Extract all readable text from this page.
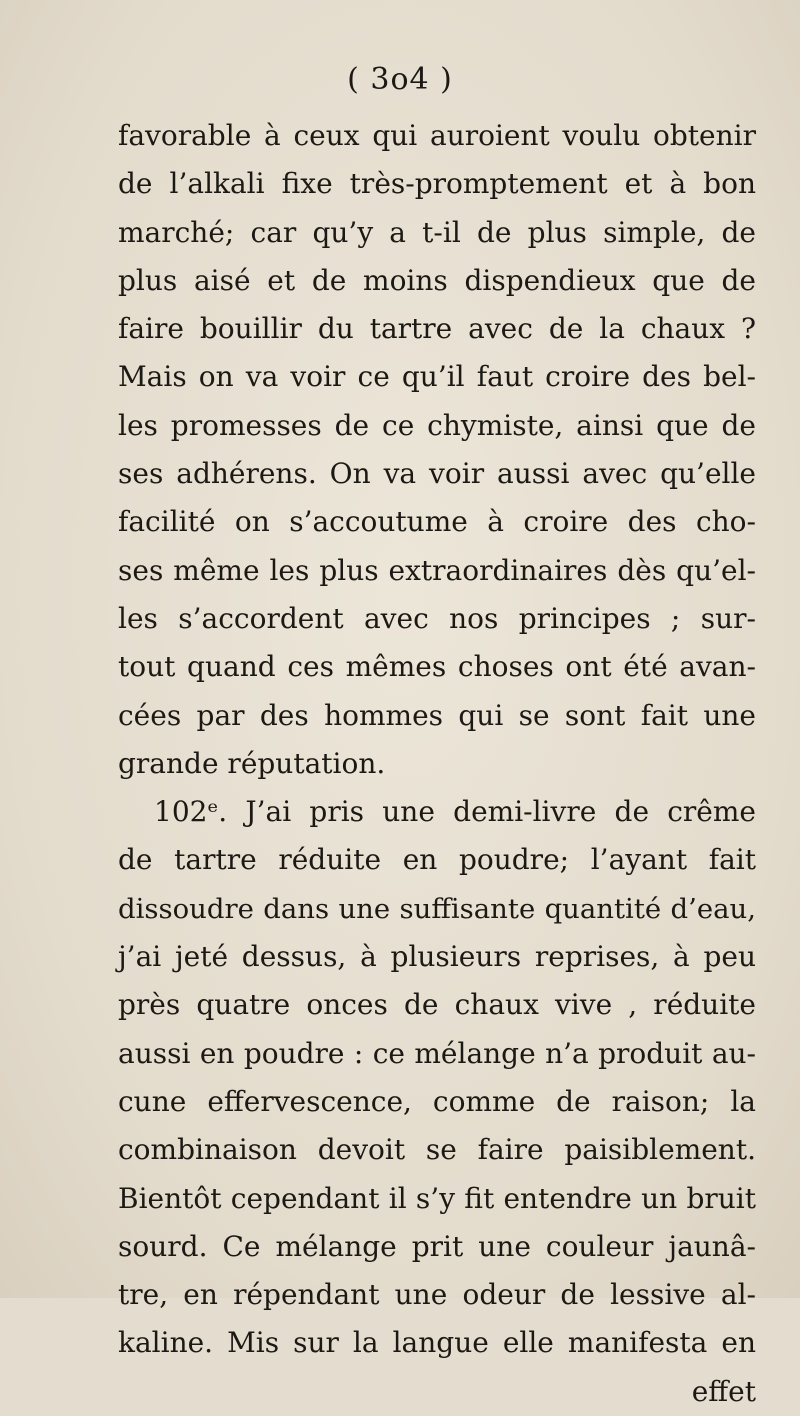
( 3o4 )
favorable à ceux qui auroient voulu obtenir
de l’alkali fixe très-promptement et à bon
marché; car qu’y a t-il de plus simple, de
plus aisé et de moins dispendieux que de
faire bouillir du tartre avec de la chaux ?
Mais on va voir ce qu’il faut croire des bel-
les promesses de ce chymiste, ainsi que de
ses adhérens. On va voir aussi avec qu’elle
facilité on s’accoutume à croire des cho-
ses même les plus extraordinaires dès qu’el-
les s’accordent avec nos principes ; sur-
tout quand ces mêmes choses ont été avan-
cées par des hommes qui se sont fait une
grande réputation.
102ᵉ. J’ai pris une demi-livre de crême
de tartre réduite en poudre; l’ayant fait
dissoudre dans une suffisante quantité d’eau,
j’ai jeté dessus, à plusieurs reprises, à peu
près quatre onces de chaux vive , réduite
aussi en poudre : ce mélange n’a produit au-
cune effervescence, comme de raison; la
combinaison devoit se faire paisiblement.
Bientôt cependant il s’y fit entendre un bruit
sourd. Ce mélange prit une couleur jaunâ-
tre, en répendant une odeur de lessive al-
kaline. Mis sur la langue elle manifesta en
effet
